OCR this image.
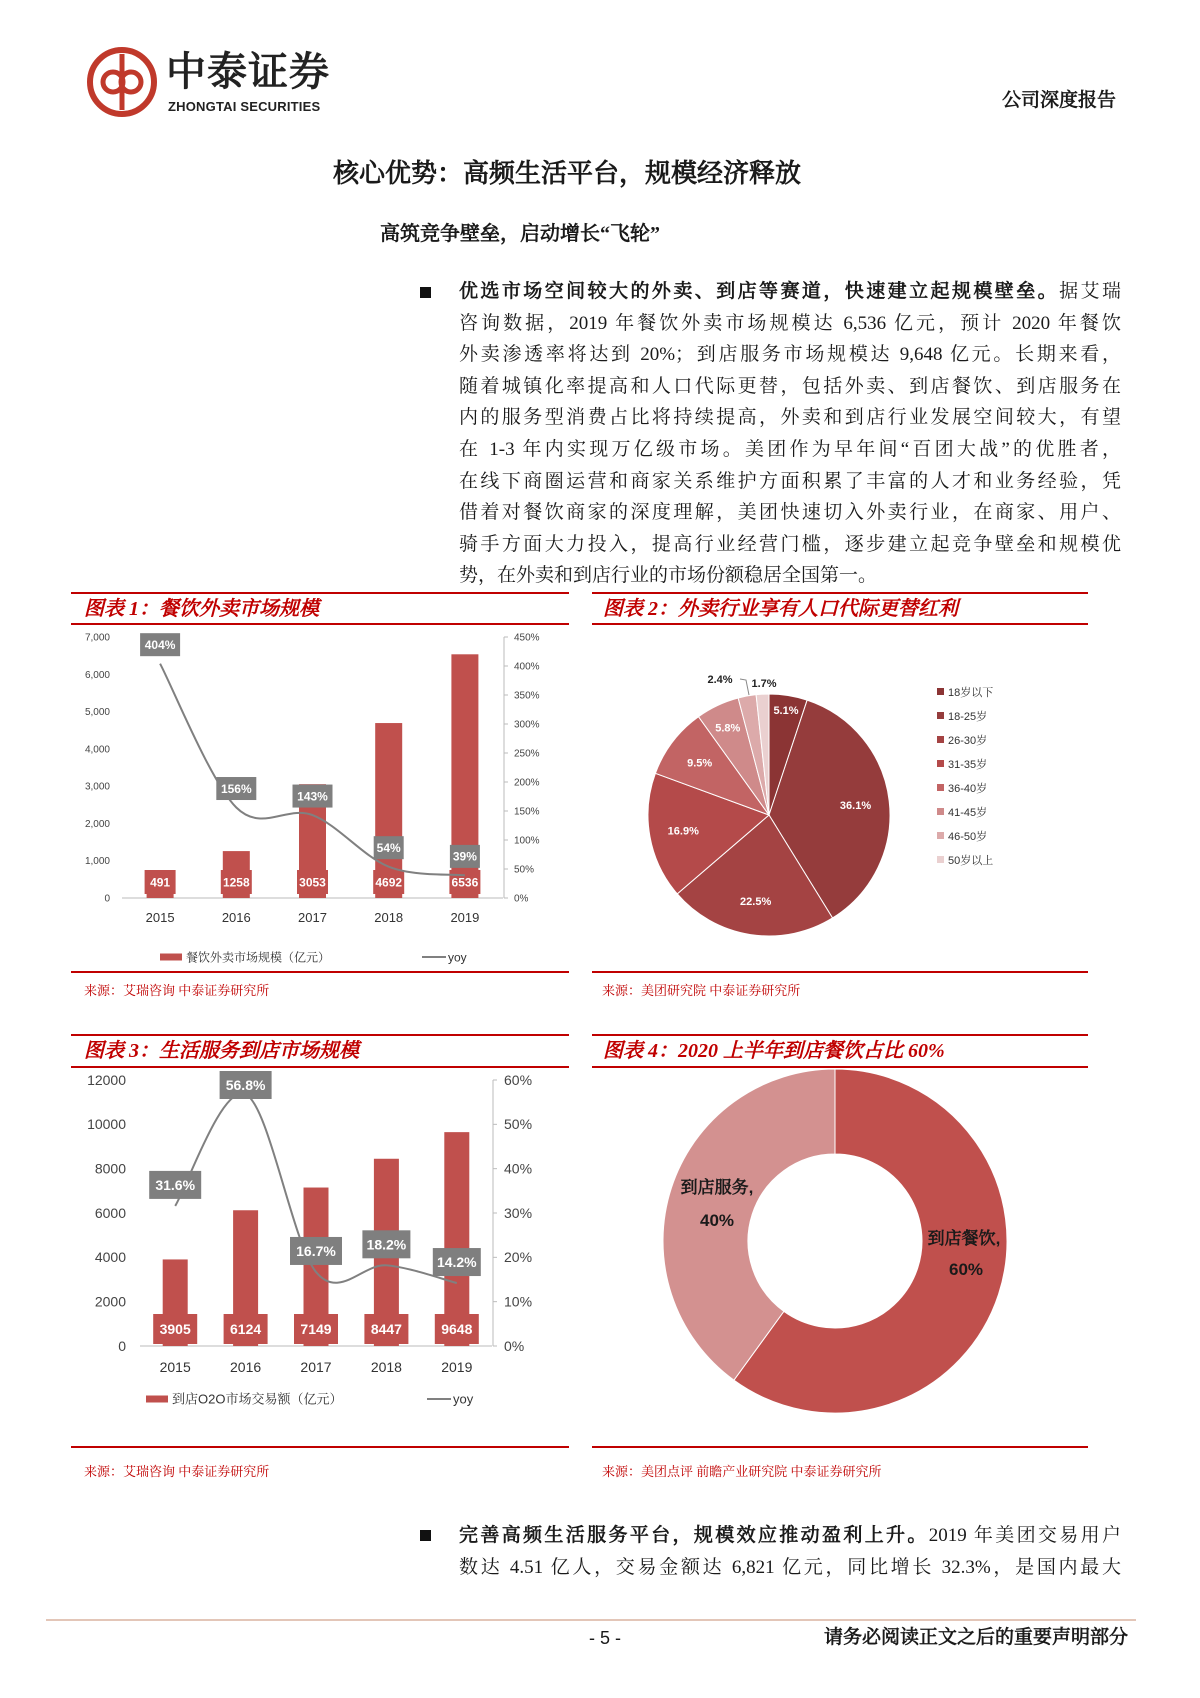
中泰证券
ZHONGTAI SECURITIES	公司深度报告
核心优势：高频生活平台，规模经济释放
高筑竞争壁垒，启动增长“飞轮”
优选市场空间较大的外卖、到店等赛道，快速建立起规模壁垒。据艾瑞
咨询数据，2019 年餐饮外卖市场规模达 6,536 亿元，预计 2020 年餐饮
外卖渗透率将达到 20%；到店服务市场规模达 9,648 亿元。长期来看，
随着城镇化率提高和人口代际更替，包括外卖、到店餐饮、到店服务在
内的服务型消费占比将持续提高，外卖和到店行业发展空间较大，有望
在 1-3 年内实现万亿级市场。美团作为早年间“百团大战”的优胜者，
在线下商圈运营和商家关系维护方面积累了丰富的人才和业务经验，凭
借着对餐饮商家的深度理解，美团快速切入外卖行业，在商家、用户、
骑手方面大力投入，提高行业经营门槛，逐步建立起竞争壁垒和规模优
势，在外卖和到店行业的市场份额稳居全国第一。
图表 1：餐饮外卖市场规模
0
1,000
2,000
3,000
4,000
5,000
6,000
7,000
0%
50%
100%
150%
200%
250%
300%
350%
400%
450%
491	1258	3053	4692	6536
404%
156%
143%
54%
39%
2015	2016	2017	2018	2019
餐饮外卖市场规模（亿元）	yoy
来源：艾瑞咨询 中泰证券研究所
图表 2：外卖行业享有人口代际更替红利
5.1%
36.1%
22.5%
16.9%
9.5%
5.8%
2.4% 1.7%
18岁以下
18-25岁
26-30岁
31-35岁
36-40岁
41-45岁
46-50岁
50岁以上
来源：美团研究院 中泰证券研究所
图表 3：生活服务到店市场规模
0
2000
4000
6000
8000
10000
12000
0%
10%
20%
30%
40%
50%
60%
3905	6124	7149	8447	9648
31.6%
56.8%
16.7% 18.2%
14.2%
2015	2016	2017	2018	2019
到店O2O市场交易额（亿元）	yoy
来源：艾瑞咨询 中泰证券研究所
图表 4：2020 上半年到店餐饮占比 60%
到店餐饮,
60%
到店服务,
40%
来源：美团点评 前瞻产业研究院 中泰证券研究所
完善高频生活服务平台，规模效应推动盈利上升。2019 年美团交易用户
数达 4.51 亿人，交易金额达 6,821 亿元，同比增长 32.3%，是国内最大
- 5 -	请务必阅读正文之后的重要声明部分
